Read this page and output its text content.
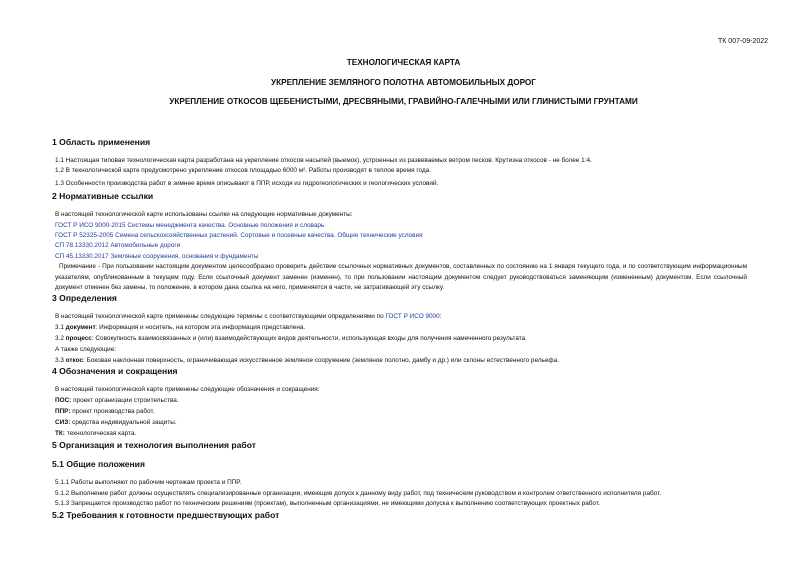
ТК 007-09-2022
ТЕХНОЛОГИЧЕСКАЯ КАРТА
УКРЕПЛЕНИЕ ЗЕМЛЯНОГО ПОЛОТНА АВТОМОБИЛЬНЫХ ДОРОГ
УКРЕПЛЕНИЕ ОТКОСОВ ЩЕБЕНИСТЫМИ, ДРЕСВЯНЫМИ, ГРАВИЙНО-ГАЛЕЧНЫМИ ИЛИ ГЛИНИСТЫМИ ГРУНТАМИ
1 Область применения
1.1 Настоящая типовая технологическая карта разработана на укрепление откосов насыпей (выемок), устроенных из развеваемых ветром песков. Крутизна откосов - не более 1:4.
1.2 В технологической карте предусмотрено укрепление откосов площадью 6000 м². Работы производят в теплое время года.
1.3 Особенности производства работ в зимнее время описывают в ППР, исходя из гидрогеологических и геологических условий.
2 Нормативные ссылки
В настоящей технологической карте использованы ссылки на следующие нормативные документы:
ГОСТ Р ИСО 9000-2015 Системы менеджмента качества. Основные положения и словарь
ГОСТ Р 52325-2005 Семена сельскохозяйственных растений. Сортовые и посевные качества. Общие технические условия
СП 78.13330.2012 Автомобильные дороги
СП 45.13330.2017 Земляные сооружения, основания и фундаменты
Примечание - При пользовании настоящим документом целесообразно проверить действие ссылочных нормативных документов, составленных по состоянию на 1 января текущего года, и по соответствующим информационным указателям, опубликованным в текущем году. Если ссылочный документ заменен (изменен), то при пользовании настоящим документом следует руководствоваться заменяющим (измененным) документом. Если ссылочный документ отменен без замены, то положение, в котором дана ссылка на него, применяется в части, не затрагивающей эту ссылку.
3 Определения
В настоящей технологической карте применены следующие термины с соответствующими определениями по ГОСТ Р ИСО 9000:
3.1 документ: Информация и носитель, на котором эта информация представлена.
3.2 процесс: Совокупность взаимосвязанных и (или) взаимодействующих видов деятельности, использующая входы для получения намеченного результата.
А также следующие:
3.3 откос: Боковая наклонная поверхность, ограничивающая искусственное земляное сооружение (земляное полотно, дамбу и др.) или склоны естественного рельефа.
4 Обозначения и сокращения
В настоящей технологической карте применены следующие обозначения и сокращения:
ПОС: проект организации строительства.
ППР: проект производства работ.
СИЗ: средства индивидуальной защиты.
ТК: технологическая карта.
5 Организация и технология выполнения работ
5.1 Общие положения
5.1.1 Работы выполняют по рабочим чертежам проекта и ППР.
5.1.2 Выполнение работ должны осуществлять специализированные организации, имеющие допуск к данному виду работ, под техническим руководством и контролем ответственного исполнителя работ.
5.1.3 Запрещается производство работ по техническим решениям (проектам), выполненным организациями, не имеющими допуска к выполнению соответствующих проектных работ.
5.2 Требования к готовности предшествующих работ
